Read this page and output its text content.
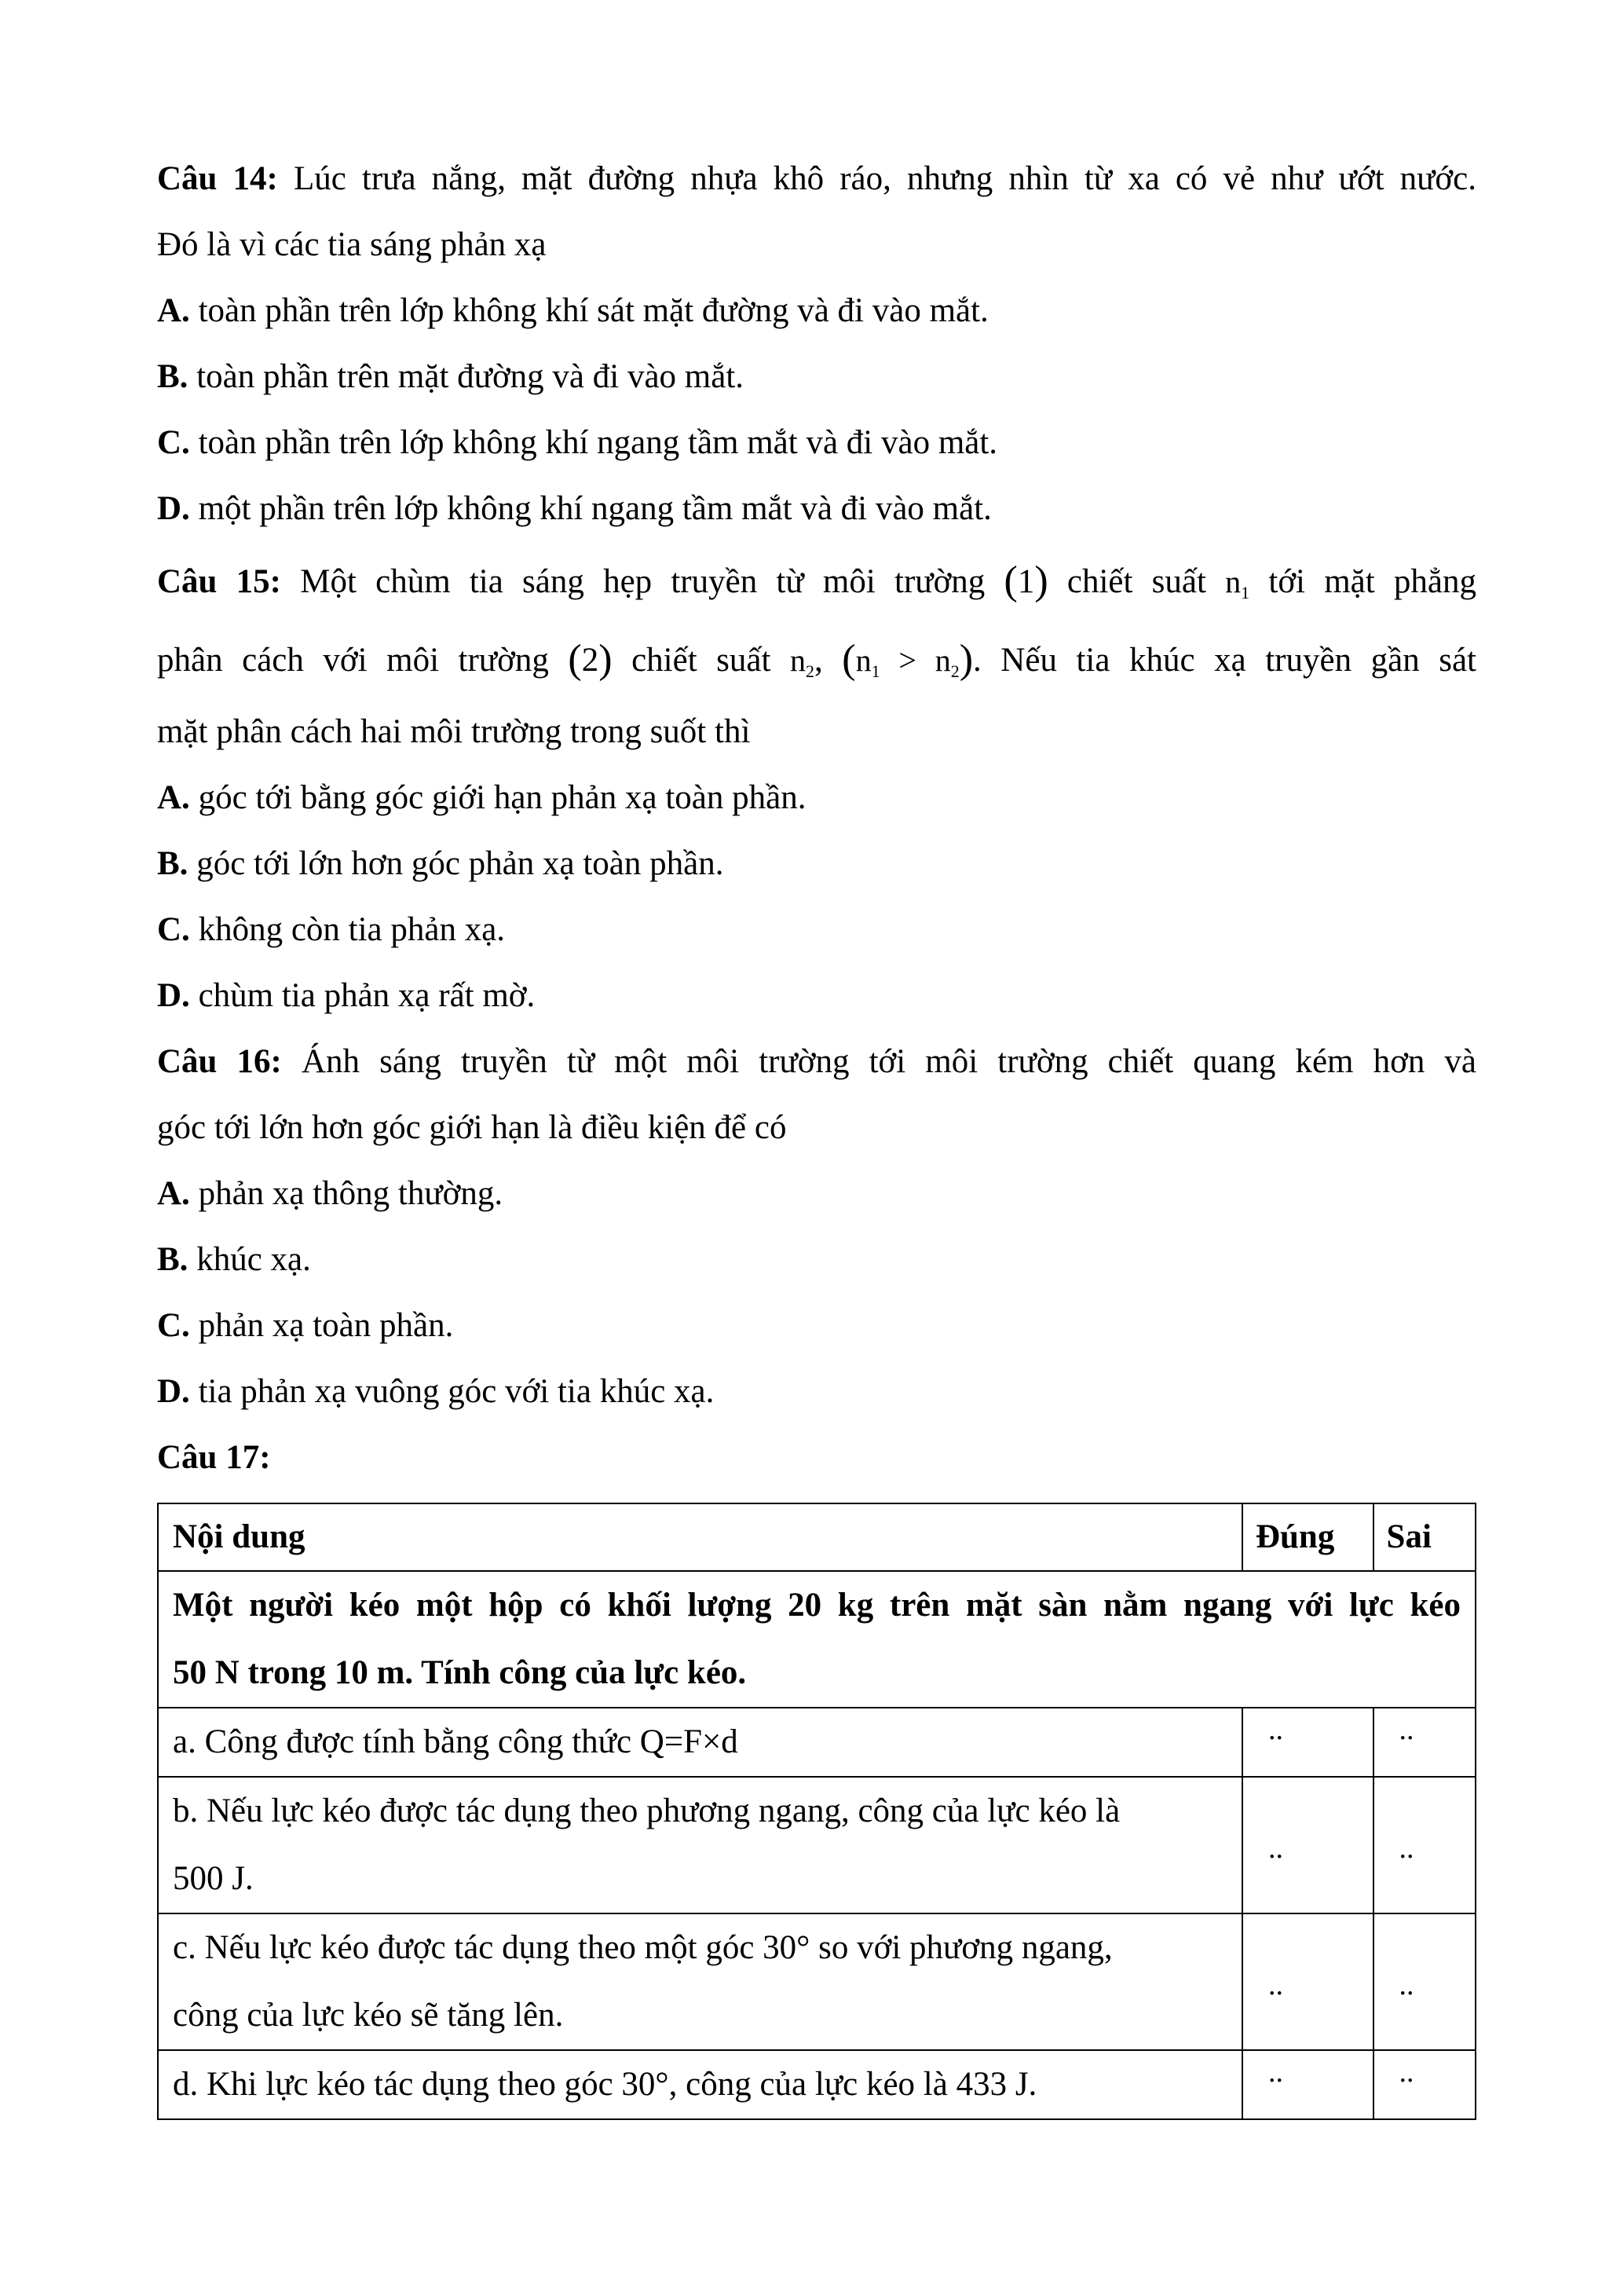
Câu 14: Lúc trưa nắng, mặt đường nhựa khô ráo, nhưng nhìn từ xa có vẻ như ướt nước.
Đó là vì các tia sáng phản xạ
A. toàn phần trên lớp không khí sát mặt đường và đi vào mắt.
B. toàn phần trên mặt đường và đi vào mắt.
C. toàn phần trên lớp không khí ngang tầm mắt và đi vào mắt.
D. một phần trên lớp không khí ngang tầm mắt và đi vào mắt.
Câu 15: Một chùm tia sáng hẹp truyền từ môi trường (1) chiết suất $n_1$ tới mặt phẳng
phân cách với môi trường (2) chiết suất $n_2$, $(n_1 > n_2)$. Nếu tia khúc xạ truyền gần sát
mặt phân cách hai môi trường trong suốt thì
A. góc tới bằng góc giới hạn phản xạ toàn phần.
B. góc tới lớn hơn góc phản xạ toàn phần.
C. không còn tia phản xạ.
D. chùm tia phản xạ rất mờ.
Câu 16: Ánh sáng truyền từ một môi trường tới môi trường chiết quang kém hơn và
góc tới lớn hơn góc giới hạn là điều kiện để có
A. phản xạ thông thường.
B. khúc xạ.
C. phản xạ toàn phần.
D. tia phản xạ vuông góc với tia khúc xạ.
Câu 17:
Nội dung	Đúng	Sai

Một người kéo một hộp có khối lượng 20 kg trên mặt sàn nằm ngang với lực kéo
50 N trong 10 m. Tính công của lực kéo.		

a. Công được tính bằng công thức Q=F×d	..	..

b. Nếu lực kéo được tác dụng theo phương ngang, công của lực kéo là
500 J.	..	..

c. Nếu lực kéo được tác dụng theo một góc 30° so với phương ngang,
công của lực kéo sẽ tăng lên.	..	..

d. Khi lực kéo tác dụng theo góc 30°, công của lực kéo là 433 J.	..	..
